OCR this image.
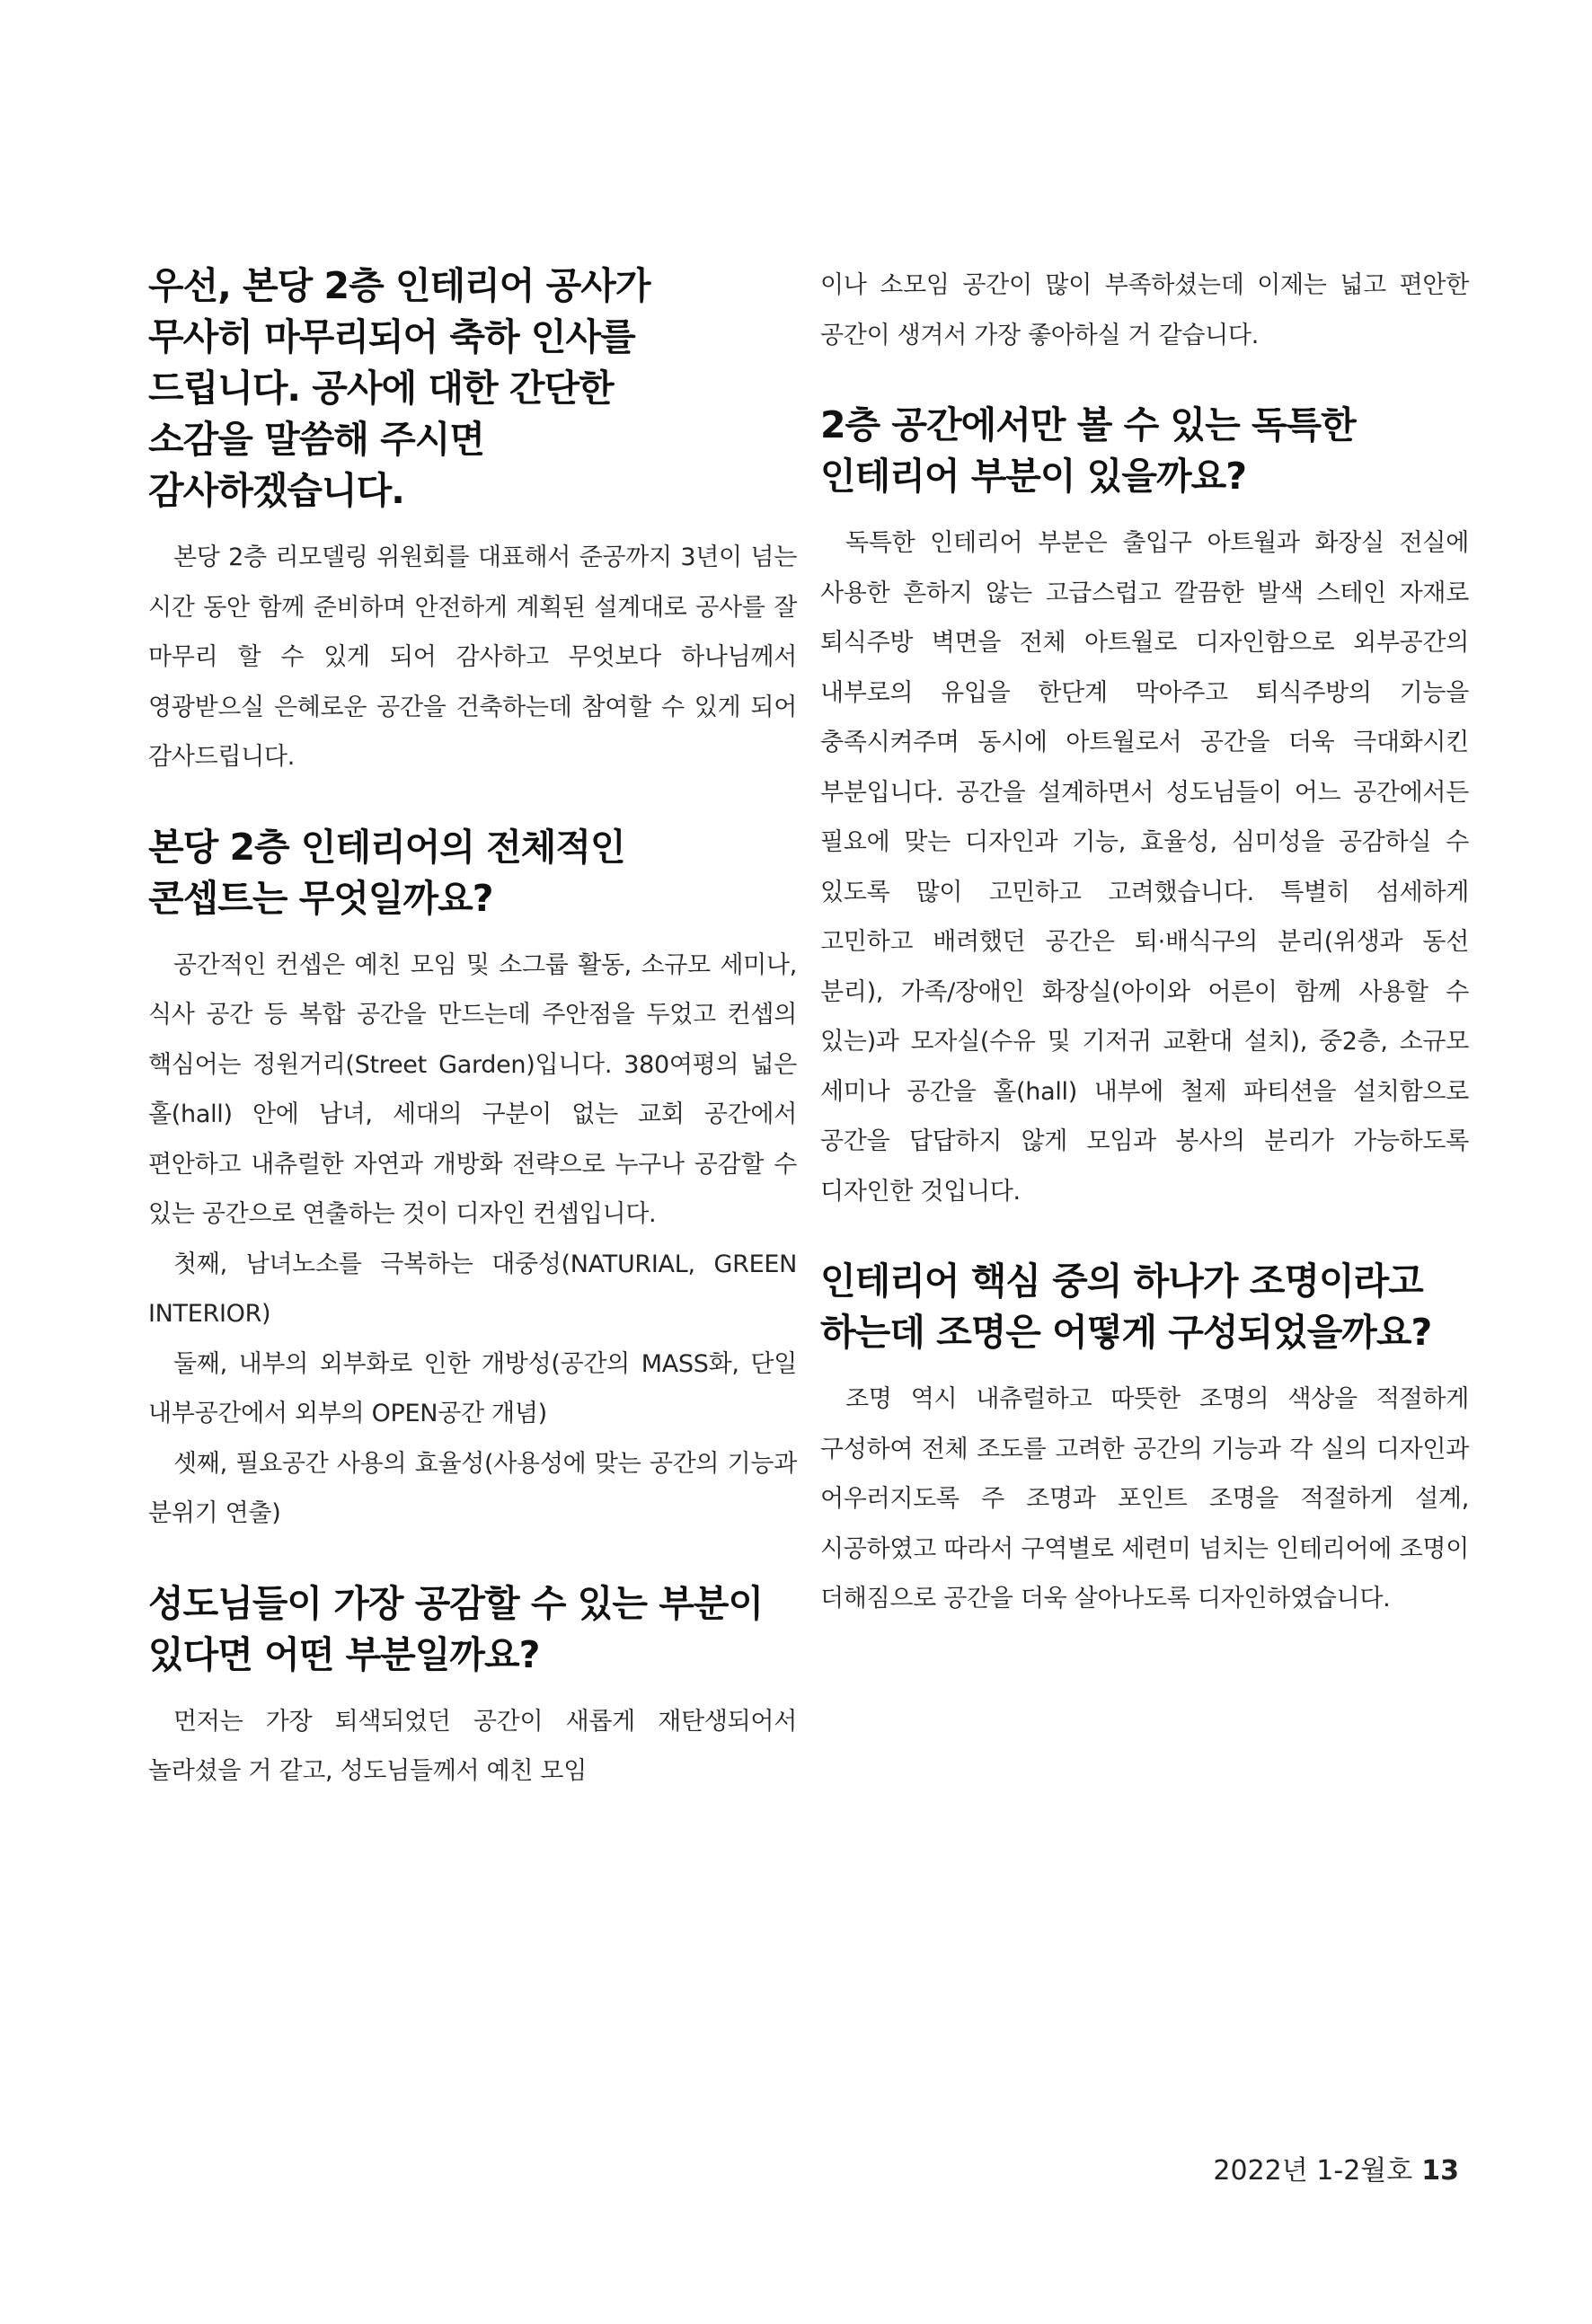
우선, 본당 2층 인테리어 공사가 무사히 마무리되어 축하 인사를 드립니다. 공사에 대한 간단한 소감을 말씀해 주시면 감사하겠습니다.

본당 2층 리모델링 위원회를 대표해서 준공까지 3년이 넘는 시간 동안 함께 준비하며 안전하게 계획된 설계대로 공사를 잘 마무리 할 수 있게 되어 감사하고 무엇보다 하나님께서 영광받으실 은혜로운 공간을 건축하는데 참여할 수 있게 되어 감사드립니다.

본당 2층 인테리어의 전체적인 콘셉트는 무엇일까요?

공간적인 컨셉은 예친 모임 및 소그룹 활동, 소규모 세미나, 식사 공간 등 복합 공간을 만드는데 주안점을 두었고 컨셉의 핵심어는 정원거리(Street Garden)입니다. 380여평의 넓은 홀(hall) 안에 남녀, 세대의 구분이 없는 교회 공간에서 편안하고 내츄럴한 자연과 개방화 전략으로 누구나 공감할 수 있는 공간으로 연출하는 것이 디자인 컨셉입니다.

첫째, 남녀노소를 극복하는 대중성(NATURIAL, GREEN INTERIOR)

둘째, 내부의 외부화로 인한 개방성(공간의 MASS화, 단일 내부공간에서 외부의 OPEN공간 개념)

셋째, 필요공간 사용의 효율성(사용성에 맞는 공간의 기능과 분위기 연출)

성도님들이 가장 공감할 수 있는 부분이 있다면 어떤 부분일까요?

먼저는 가장 퇴색되었던 공간이 새롭게 재탄생되어서 놀라셨을 거 같고, 성도님들께서 예친 모임

이나 소모임 공간이 많이 부족하셨는데 이제는 넓고 편안한 공간이 생겨서 가장 좋아하실 거 같습니다.

2층 공간에서만 볼 수 있는 독특한 인테리어 부분이 있을까요?

독특한 인테리어 부분은 출입구 아트월과 화장실 전실에 사용한 흔하지 않는 고급스럽고 깔끔한 발색 스테인 자재로 퇴식주방 벽면을 전체 아트월로 디자인함으로 외부공간의 내부로의 유입을 한단계 막아주고 퇴식주방의 기능을 충족시켜주며 동시에 아트월로서 공간을 더욱 극대화시킨 부분입니다. 공간을 설계하면서 성도님들이 어느 공간에서든 필요에 맞는 디자인과 기능, 효율성, 심미성을 공감하실 수 있도록 많이 고민하고 고려했습니다. 특별히 섬세하게 고민하고 배려했던 공간은 퇴·배식구의 분리(위생과 동선 분리), 가족/장애인 화장실(아이와 어른이 함께 사용할 수 있는)과 모자실(수유 및 기저귀 교환대 설치), 중2층, 소규모 세미나 공간을 홀(hall) 내부에 철제 파티션을 설치함으로 공간을 답답하지 않게 모임과 봉사의 분리가 가능하도록 디자인한 것입니다.

인테리어 핵심 중의 하나가 조명이라고 하는데 조명은 어떻게 구성되었을까요?

조명 역시 내츄럴하고 따뜻한 조명의 색상을 적절하게 구성하여 전체 조도를 고려한 공간의 기능과 각 실의 디자인과 어우러지도록 주 조명과 포인트 조명을 적절하게 설계, 시공하였고 따라서 구역별로 세련미 넘치는 인테리어에 조명이 더해짐으로 공간을 더욱 살아나도록 디자인하였습니다.

2022년 1-2월호 13
